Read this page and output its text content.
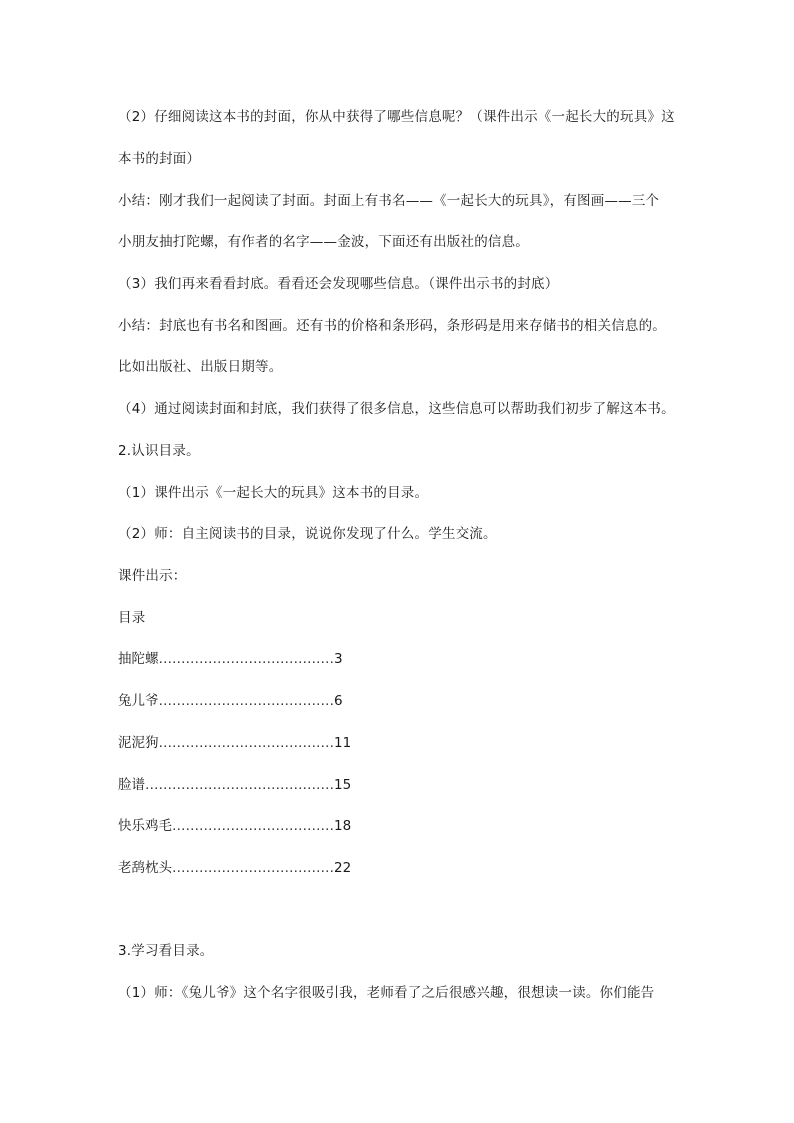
（2）仔细阅读这本书的封面，你从中获得了哪些信息呢？（课件出示《一起长大的玩具》这
本书的封面）
小结：刚才我们一起阅读了封面。封面上有书名——《一起长大的玩具》，有图画——三个
小朋友抽打陀螺，有作者的名字——金波，下面还有出版社的信息。
（3）我们再来看看封底。看看还会发现哪些信息。（课件出示书的封底）
小结：封底也有书名和图画。还有书的价格和条形码，条形码是用来存储书的相关信息的。
比如出版社、出版日期等。
（4）通过阅读封面和封底，我们获得了很多信息，这些信息可以帮助我们初步了解这本书。
2.认识目录。
（1）课件出示《一起长大的玩具》这本书的目录。
（2）师：自主阅读书的目录，说说你发现了什么。学生交流。
课件出示：
目录
抽陀螺 ………………………………… 3
兔儿爷 ………………………………… 6
泥泥狗 ………………………………… 11
脸谱 …………………………………… 15
快乐鸡毛 ……………………………… 18
老鸹枕头 ……………………………… 22
3.学习看目录。
（1）师：《兔儿爷》这个名字很吸引我，老师看了之后很感兴趣，很想读一读。你们能告
